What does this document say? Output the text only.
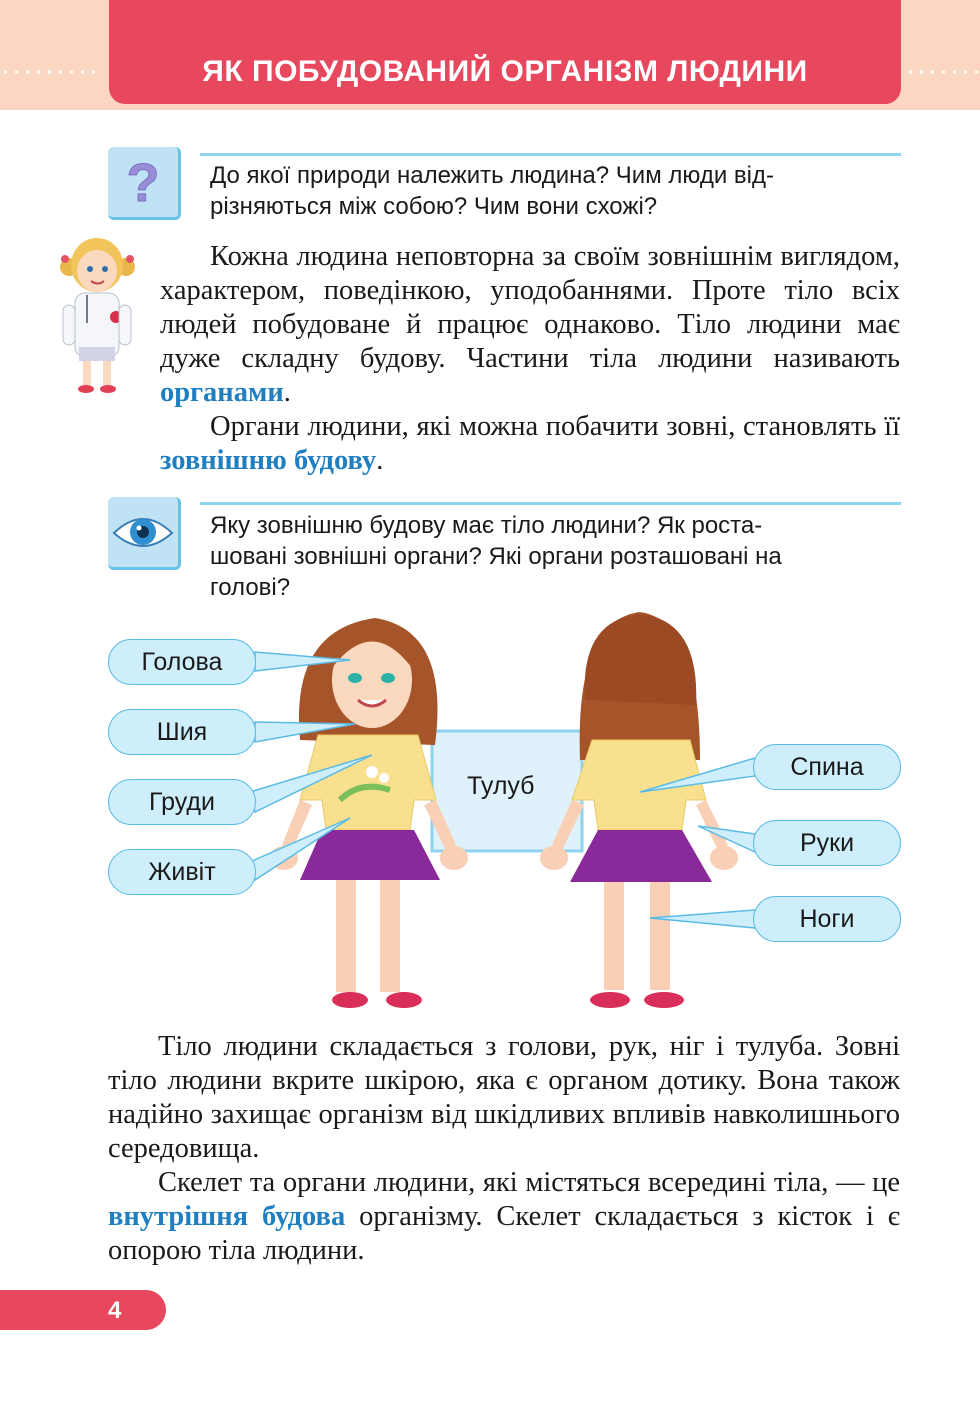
ЯК ПОБУДОВАНИЙ ОРГАНІЗМ ЛЮДИНИ
? До якої природи належить людина? Чим люди від-
різняються між собою? Чим вони схожі?
Кожна людина неповторна за своїм зовнішнім виглядом, характером, поведінкою, уподобаннями. Проте тіло всіх людей побудоване й працює однаково. Тіло людини має дуже складну будову. Частини тіла людини називають органами.
Органи людини, які можна побачити зовні, становлять її зовнішню будову.
Яку зовнішню будову має тіло людини? Як роста-
шовані зовнішні органи? Які органи розташовані на
голові?
Голова
Шия
Груди
Живіт
Тулуб
Спина
Руки
Ноги
Тіло людини складається з голови, рук, ніг і тулуба. Зовні тіло людини вкрите шкірою, яка є органом дотику. Вона також надійно захищає організм від шкідливих впливів навколишнього середовища.
Скелет та органи людини, які містяться всередині тіла, — це внутрішня будова організму. Скелет складається з кісток і є опорою тіла людини.
4
